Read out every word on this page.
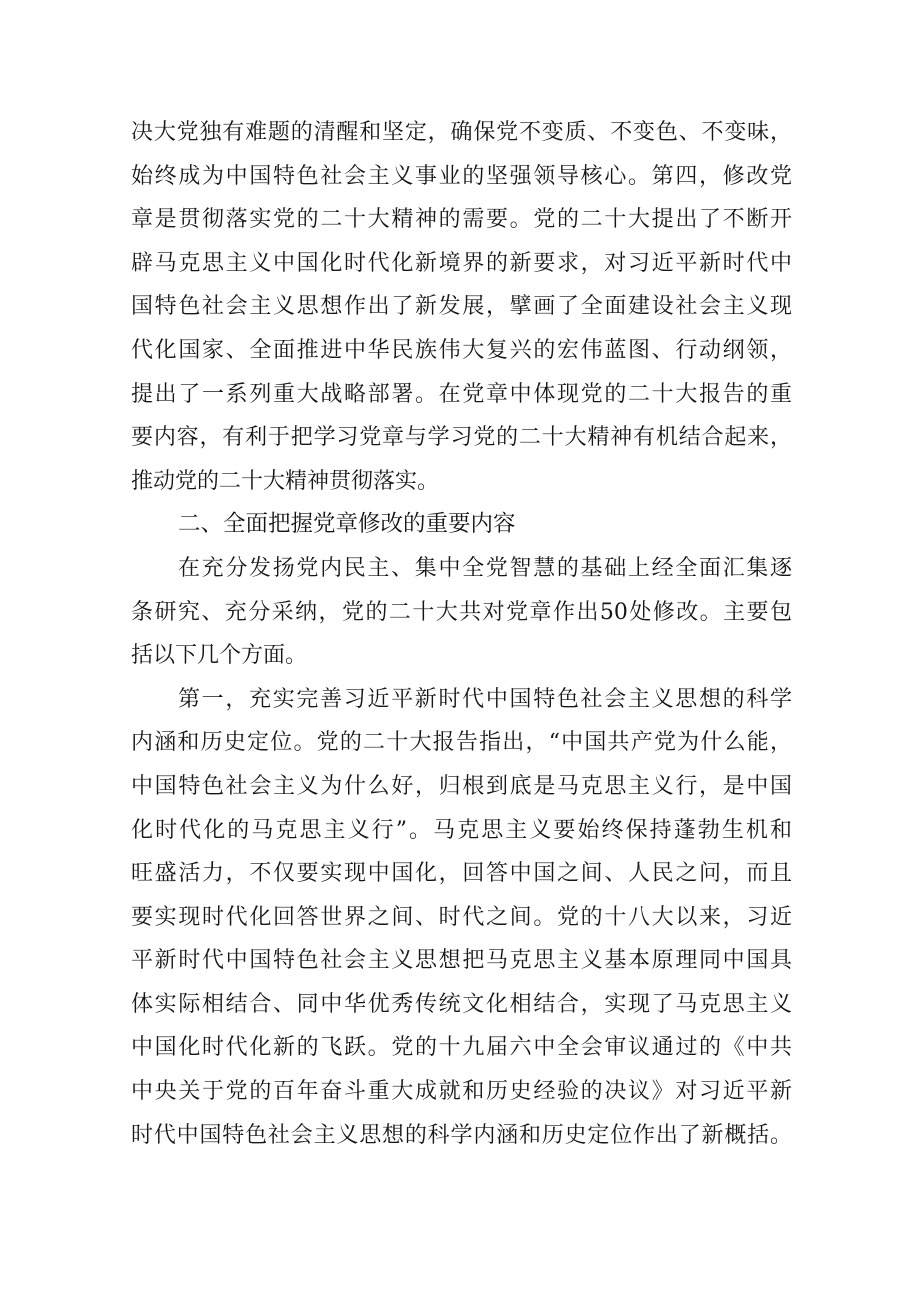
决大党独有难题的清醒和坚定，确保党不变质、不变色、不变味，
始终成为中国特色社会主义事业的坚强领导核心。第四，修改党
章是贯彻落实党的二十大精神的需要。党的二十大提出了不断开
辟马克思主义中国化时代化新境界的新要求，对习近平新时代中
国特色社会主义思想作出了新发展，擘画了全面建设社会主义现
代化国家、全面推进中华民族伟大复兴的宏伟蓝图、行动纲领，
提出了一系列重大战略部署。在党章中体现党的二十大报告的重
要内容，有利于把学习党章与学习党的二十大精神有机结合起来，
推动党的二十大精神贯彻落实。
二、全面把握党章修改的重要内容
在充分发扬党内民主、集中全党智慧的基础上经全面汇集逐
条研究、充分采纳，党的二十大共对党章作出50处修改。主要包
括以下几个方面。
第一，充实完善习近平新时代中国特色社会主义思想的科学
内涵和历史定位。党的二十大报告指出，“中国共产党为什么能，
中国特色社会主义为什么好，归根到底是马克思主义行，是中国
化时代化的马克思主义行”。马克思主义要始终保持蓬勃生机和
旺盛活力，不仅要实现中国化，回答中国之间、人民之问，而且
要实现时代化回答世界之间、时代之间。党的十八大以来，习近
平新时代中国特色社会主义思想把马克思主义基本原理同中国具
体实际相结合、同中华优秀传统文化相结合，实现了马克思主义
中国化时代化新的飞跃。党的十九届六中全会审议通过的《中共
中央关于党的百年奋斗重大成就和历史经验的决议》对习近平新
时代中国特色社会主义思想的科学内涵和历史定位作出了新概括。
